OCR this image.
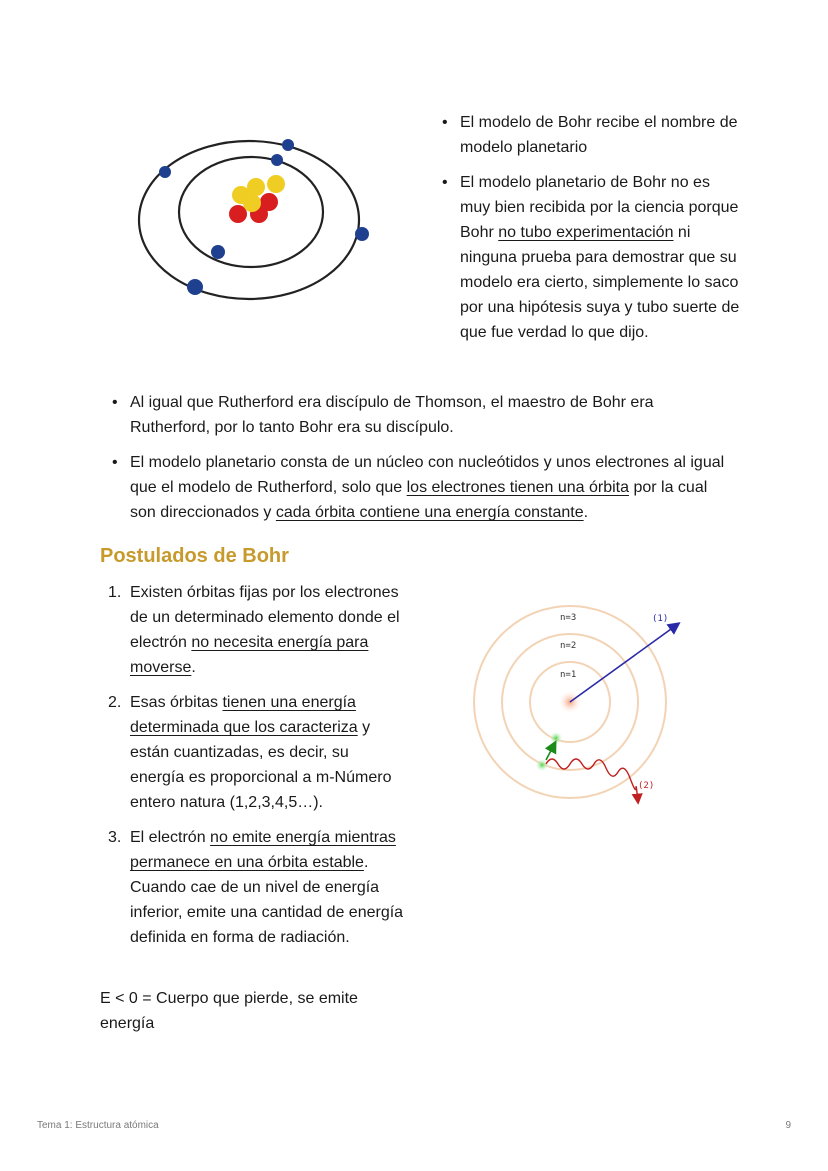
• El modelo de Bohr recibe el nombre de modelo planetario
• El modelo planetario de Bohr no es muy bien recibida por la ciencia porque Bohr no tubo experimentación ni ninguna prueba para demostrar que su modelo era cierto, simplemente lo saco por una hipótesis suya y tubo suerte de que fue verdad lo que dijo.
• Al igual que Rutherford era discípulo de Thomson, el maestro de Bohr era Rutherford, por lo tanto Bohr era su discípulo.
• El modelo planetario consta de un núcleo con nucleótidos y unos electrones al igual que el modelo de Rutherford, solo que los electrones tienen una órbita por la cual son direccionados y cada órbita contiene una energía constante.
Postulados de Bohr
1. Existen órbitas fijas por los electrones de un determinado elemento donde el electrón no necesita energía para moverse.
2. Esas órbitas tienen una energía determinada que los caracteriza y están cuantizadas, es decir, su energía es proporcional a m-Número entero natura (1,2,3,4,5…).
3. El electrón no emite energía mientras permanece en una órbita estable. Cuando cae de un nivel de energía inferior, emite una cantidad de energía definida en forma de radiación.

E < 0 = Cuerpo que pierde, se emite energía

n=3
n=2
n=1
(1)
(2)
Tema 1: Estructura atómica	9
